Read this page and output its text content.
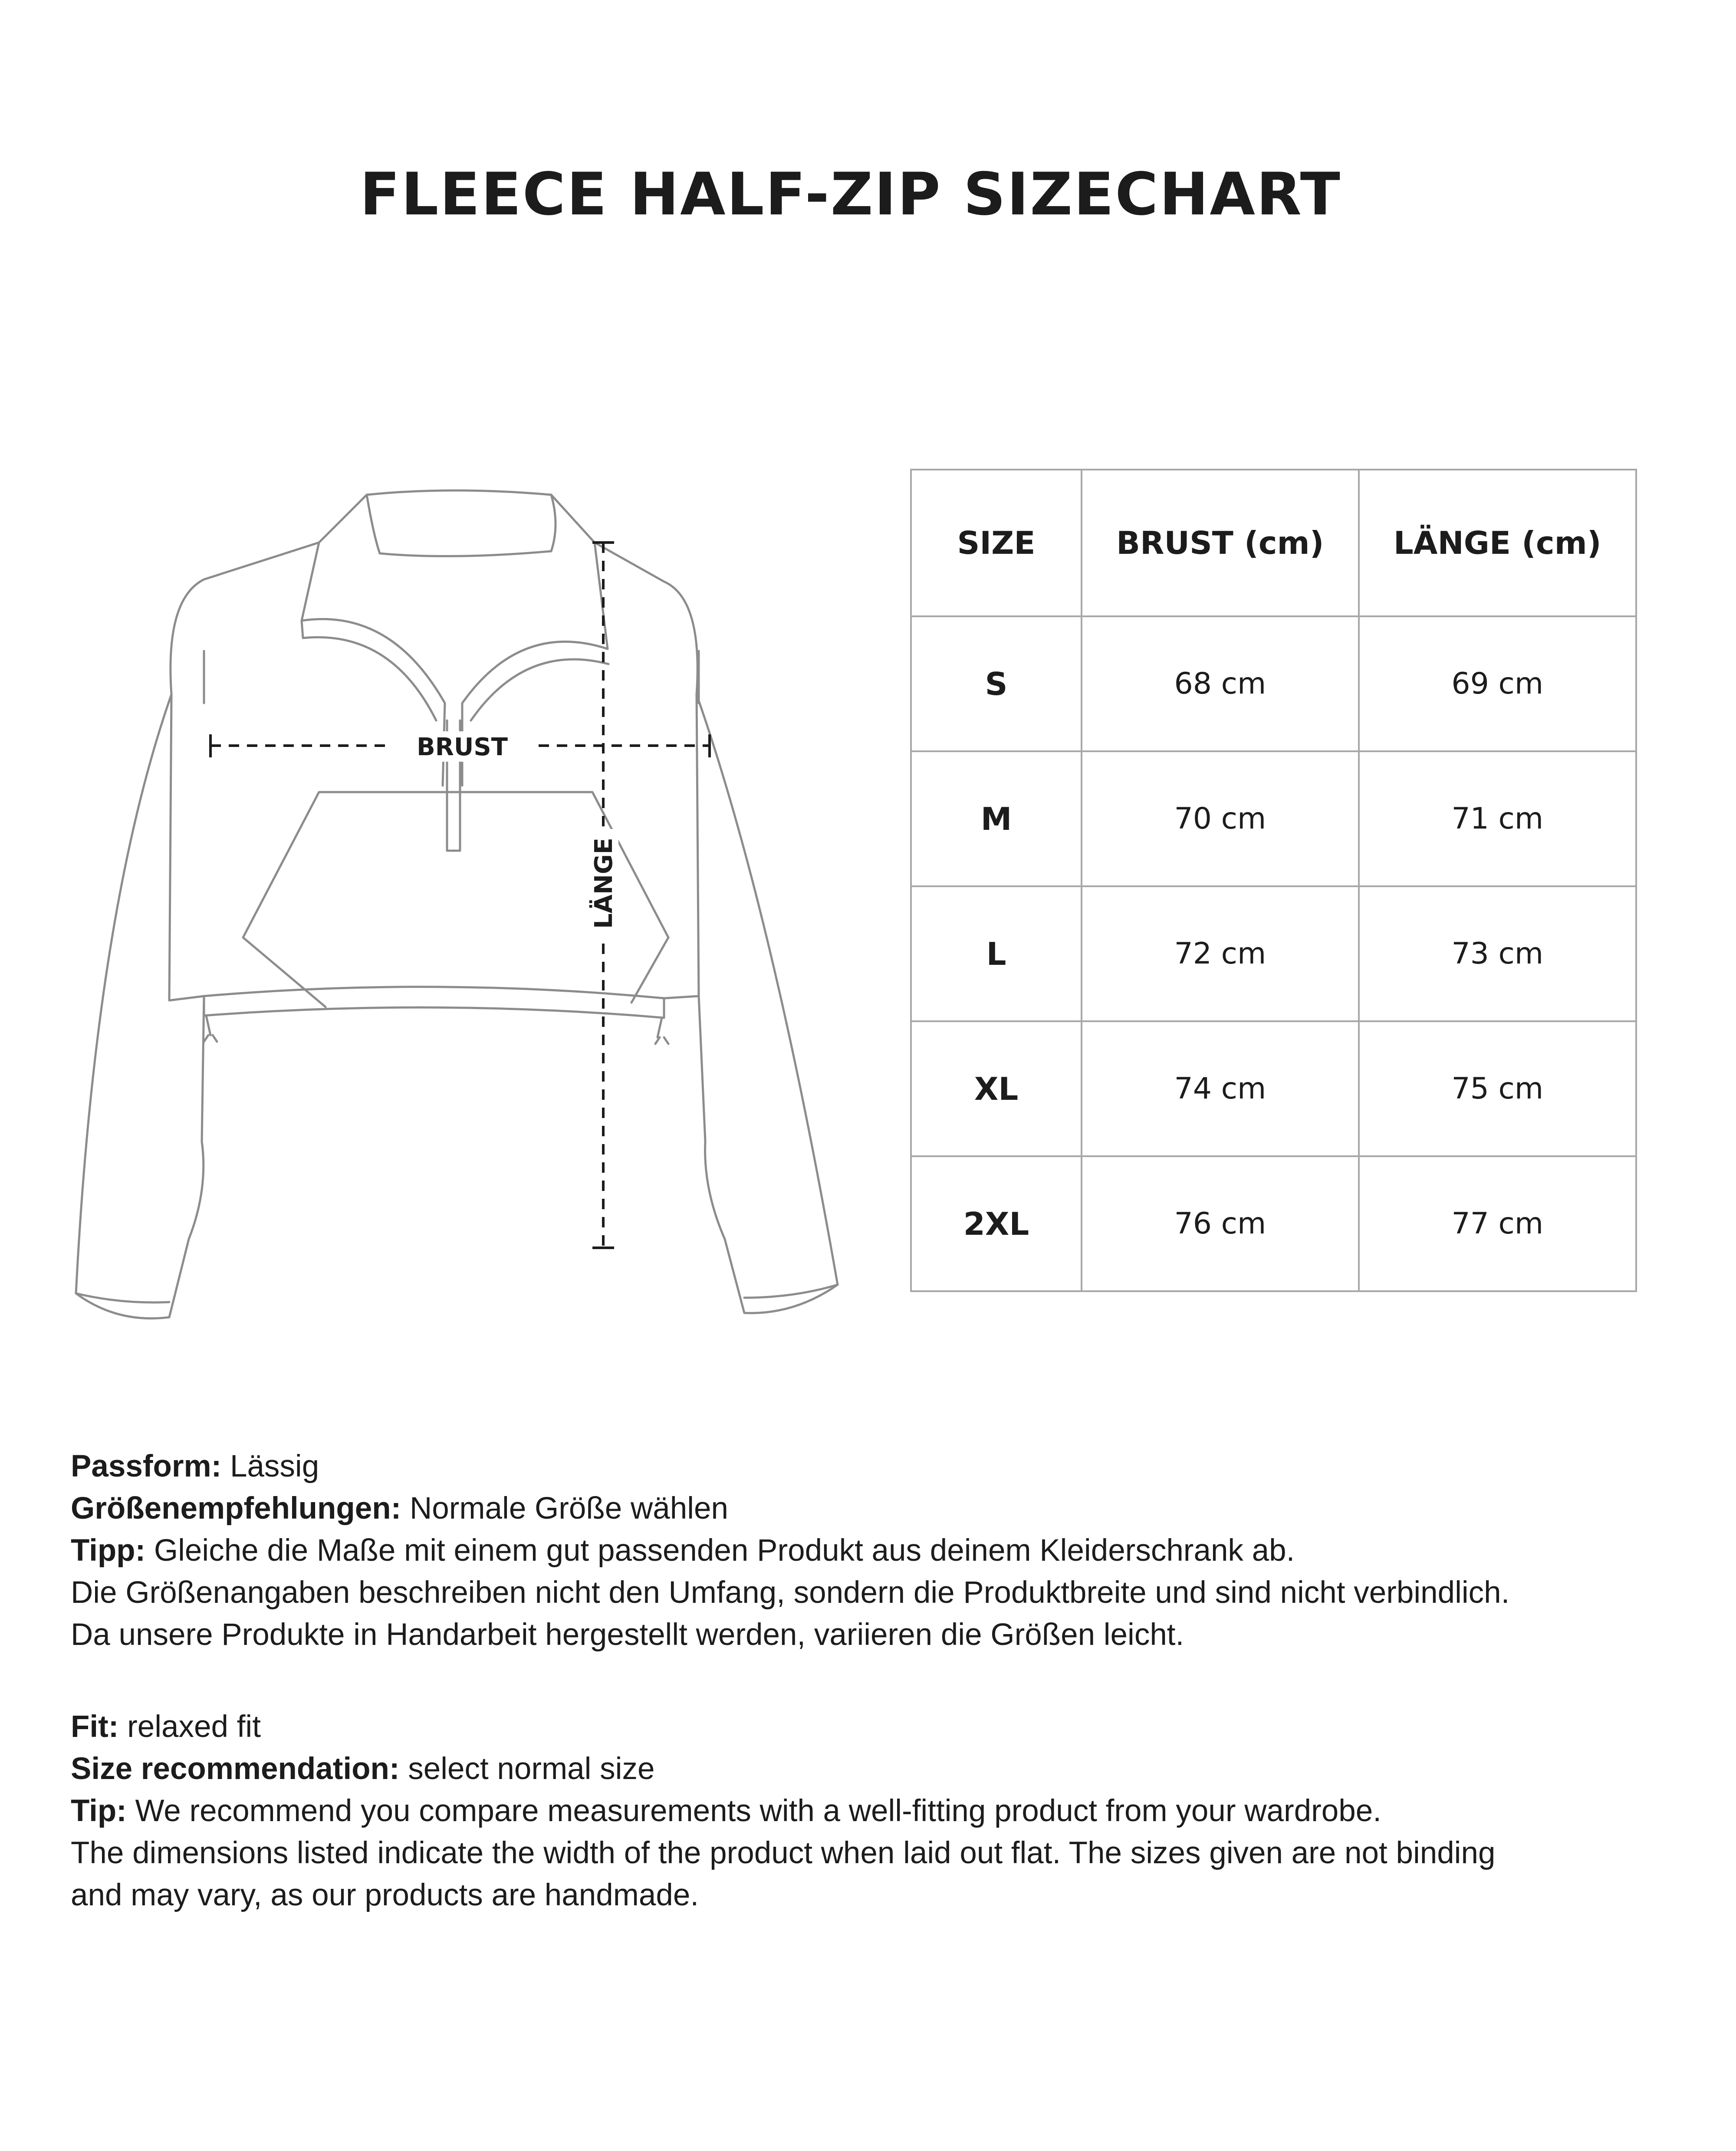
FLEECE HALF-ZIP SIZECHART
BRUST
LÄNGE
SIZE	BRUST (cm)	LÄNGE (cm)
S	68 cm	69 cm
M	70 cm	71 cm
L	72 cm	73 cm
XL	74 cm	75 cm
2XL	76 cm	77 cm

Passform: Lässig

Größenempfehlungen: Normale Größe wählen

Tipp: Gleiche die Maße mit einem gut passenden Produkt aus deinem Kleiderschrank ab.

Die Größenangaben beschreiben nicht den Umfang, sondern die Produktbreite und sind nicht verbindlich.

Da unsere Produkte in Handarbeit hergestellt werden, variieren die Größen leicht.

Fit: relaxed fit

Size recommendation: select normal size

Tip: We recommend you compare measurements with a well-fitting product from your wardrobe.

The dimensions listed indicate the width of the product when laid out flat. The sizes given are not binding

and may vary, as our products are handmade.
